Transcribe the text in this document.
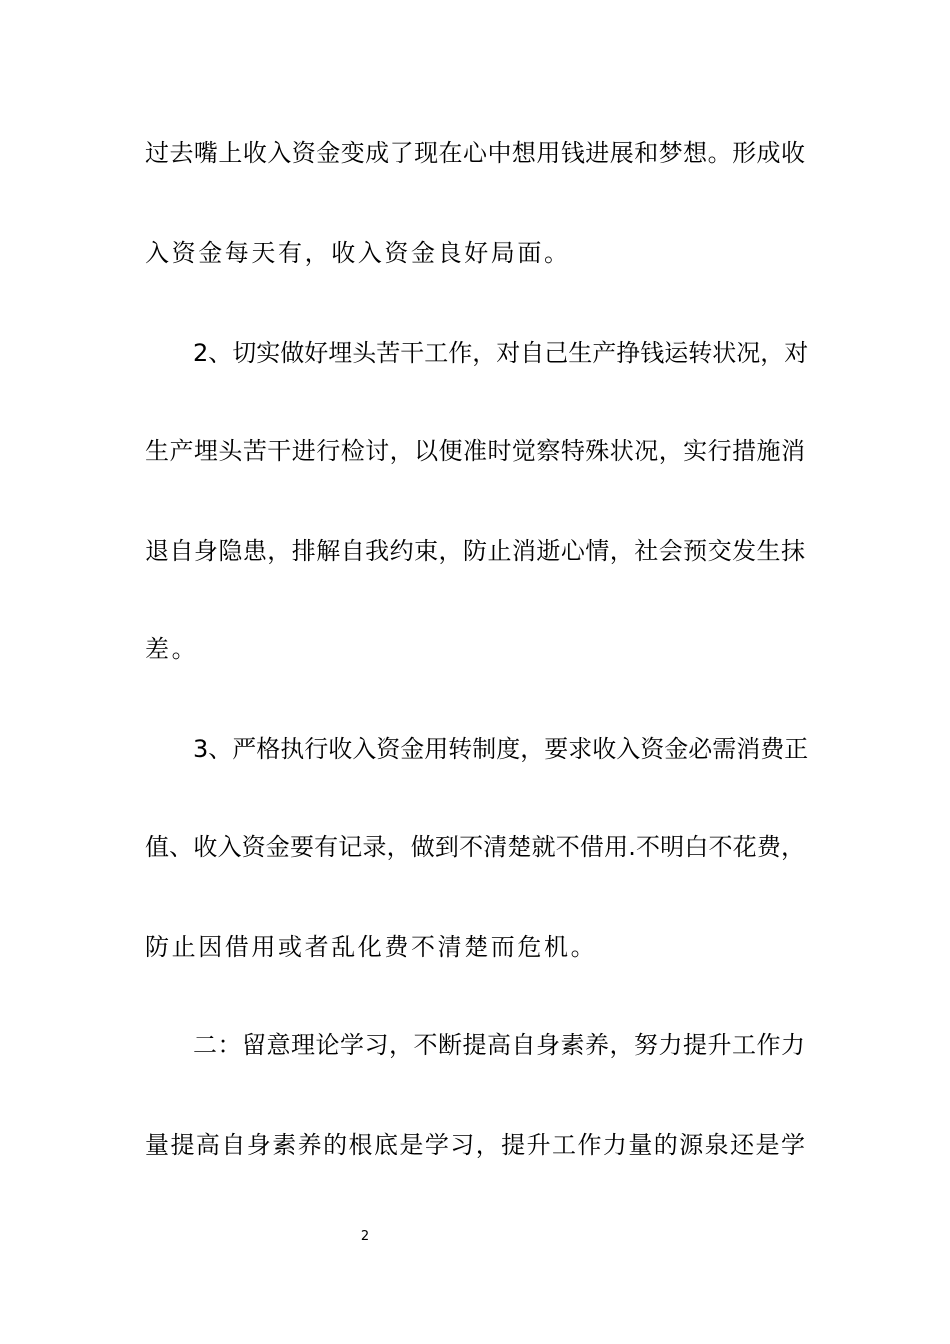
过去嘴上收入资金变成了现在心中想用钱进展和梦想。形成收
入资金每天有，收入资金良好局面。
2、切实做好埋头苦干工作，对自己生产挣钱运转状况，对
生产埋头苦干进行检讨，以便准时觉察特殊状况，实行措施消
退自身隐患，排解自我约束，防止消逝心情，社会预交发生抹
差。
3、严格执行收入资金用转制度，要求收入资金必需消费正
值、收入资金要有记录，做到不清楚就不借用.不明白不花费，
防止因借用或者乱化费不清楚而危机。
二：留意理论学习，不断提高自身素养，努力提升工作力
量提高自身素养的根底是学习，提升工作力量的源泉还是学
2
